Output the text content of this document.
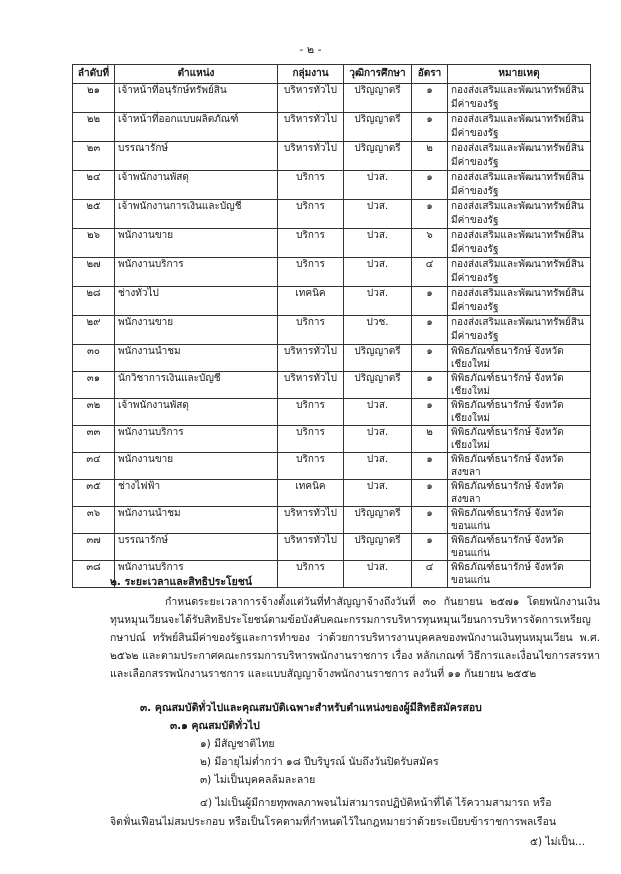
- ๒ -
ลำดับที่	ตำแหน่ง	กลุ่มงาน	วุฒิการศึกษา	อัตรา	หมายเหตุ
๒๑	เจ้าหน้าที่อนุรักษ์ทรัพย์สิน	บริหารทั่วไป	ปริญญาตรี	๑	กองส่งเสริมและพัฒนาทรัพย์สิน มีค่าของรัฐ
๒๒	เจ้าหน้าที่ออกแบบผลิตภัณฑ์	บริหารทั่วไป	ปริญญาตรี	๑	กองส่งเสริมและพัฒนาทรัพย์สิน มีค่าของรัฐ
๒๓	บรรณารักษ์	บริหารทั่วไป	ปริญญาตรี	๒	กองส่งเสริมและพัฒนาทรัพย์สิน มีค่าของรัฐ
๒๔	เจ้าพนักงานพัสดุ	บริการ	ปวส.	๑	กองส่งเสริมและพัฒนาทรัพย์สิน มีค่าของรัฐ
๒๕	เจ้าพนักงานการเงินและบัญชี	บริการ	ปวส.	๑	กองส่งเสริมและพัฒนาทรัพย์สิน มีค่าของรัฐ
๒๖	พนักงานขาย	บริการ	ปวส.	๖	กองส่งเสริมและพัฒนาทรัพย์สิน มีค่าของรัฐ
๒๗	พนักงานบริการ	บริการ	ปวส.	๔	กองส่งเสริมและพัฒนาทรัพย์สิน มีค่าของรัฐ
๒๘	ช่างทั่วไป	เทคนิค	ปวส.	๑	กองส่งเสริมและพัฒนาทรัพย์สิน มีค่าของรัฐ
๒๙	พนักงานขาย	บริการ	ปวช.	๑	กองส่งเสริมและพัฒนาทรัพย์สิน มีค่าของรัฐ
๓๐	พนักงานนำชม	บริหารทั่วไป	ปริญญาตรี	๑	พิพิธภัณฑ์ธนารักษ์ จังหวัดเชียงใหม่
๓๑	นักวิชาการเงินและบัญชี	บริหารทั่วไป	ปริญญาตรี	๑	พิพิธภัณฑ์ธนารักษ์ จังหวัดเชียงใหม่
๓๒	เจ้าพนักงานพัสดุ	บริการ	ปวส.	๑	พิพิธภัณฑ์ธนารักษ์ จังหวัดเชียงใหม่
๓๓	พนักงานบริการ	บริการ	ปวส.	๒	พิพิธภัณฑ์ธนารักษ์ จังหวัดเชียงใหม่
๓๔	พนักงานขาย	บริการ	ปวส.	๑	พิพิธภัณฑ์ธนารักษ์ จังหวัดสงขลา
๓๕	ช่างไฟฟ้า	เทคนิค	ปวส.	๑	พิพิธภัณฑ์ธนารักษ์ จังหวัดสงขลา
๓๖	พนักงานนำชม	บริหารทั่วไป	ปริญญาตรี	๑	พิพิธภัณฑ์ธนารักษ์ จังหวัดขอนแก่น
๓๗	บรรณารักษ์	บริหารทั่วไป	ปริญญาตรี	๑	พิพิธภัณฑ์ธนารักษ์ จังหวัดขอนแก่น
๓๘	พนักงานบริการ	บริการ	ปวส.	๔	พิพิธภัณฑ์ธนารักษ์ จังหวัดขอนแก่น
๒. ระยะเวลาและสิทธิประโยชน์
กำหนดระยะเวลาการจ้างตั้งแต่วันที่ทำสัญญาจ้างถึงวันที่ ๓๐ กันยายน ๒๕๗๑ โดยพนักงานเงินทุนหมุนเวียนจะได้รับสิทธิประโยชน์ตามข้อบังคับคณะกรรมการบริหารทุนหมุนเวียนการบริหารจัดการเหรียญกษาปณ์ ทรัพย์สินมีค่าของรัฐและการทำของ ว่าด้วยการบริหารงานบุคคลของพนักงานเงินทุนหมุนเวียน พ.ศ. ๒๕๖๒ และตามประกาศคณะกรรมการบริหารพนักงานราชการ เรื่อง หลักเกณฑ์ วิธีการและเงื่อนไขการสรรหาและเลือกสรรพนักงานราชการ และแบบสัญญาจ้างพนักงานราชการ ลงวันที่ ๑๑ กันยายน ๒๕๕๒
๓. คุณสมบัติทั่วไปและคุณสมบัติเฉพาะสำหรับตำแหน่งของผู้มีสิทธิสมัครสอบ
๓.๑ คุณสมบัติทั่วไป
๑) มีสัญชาติไทย
๒) มีอายุไม่ต่ำกว่า ๑๘ ปีบริบูรณ์ นับถึงวันปิดรับสมัคร
๓) ไม่เป็นบุคคลล้มละลาย
๔) ไม่เป็นผู้มีกายทุพพลภาพจนไม่สามารถปฏิบัติหน้าที่ได้ ไร้ความสามารถ หรือ
จิตฟั่นเฟือนไม่สมประกอบ หรือเป็นโรคตามที่กำหนดไว้ในกฎหมายว่าด้วยระเบียบข้าราชการพลเรือน
๕) ไม่เป็น...
